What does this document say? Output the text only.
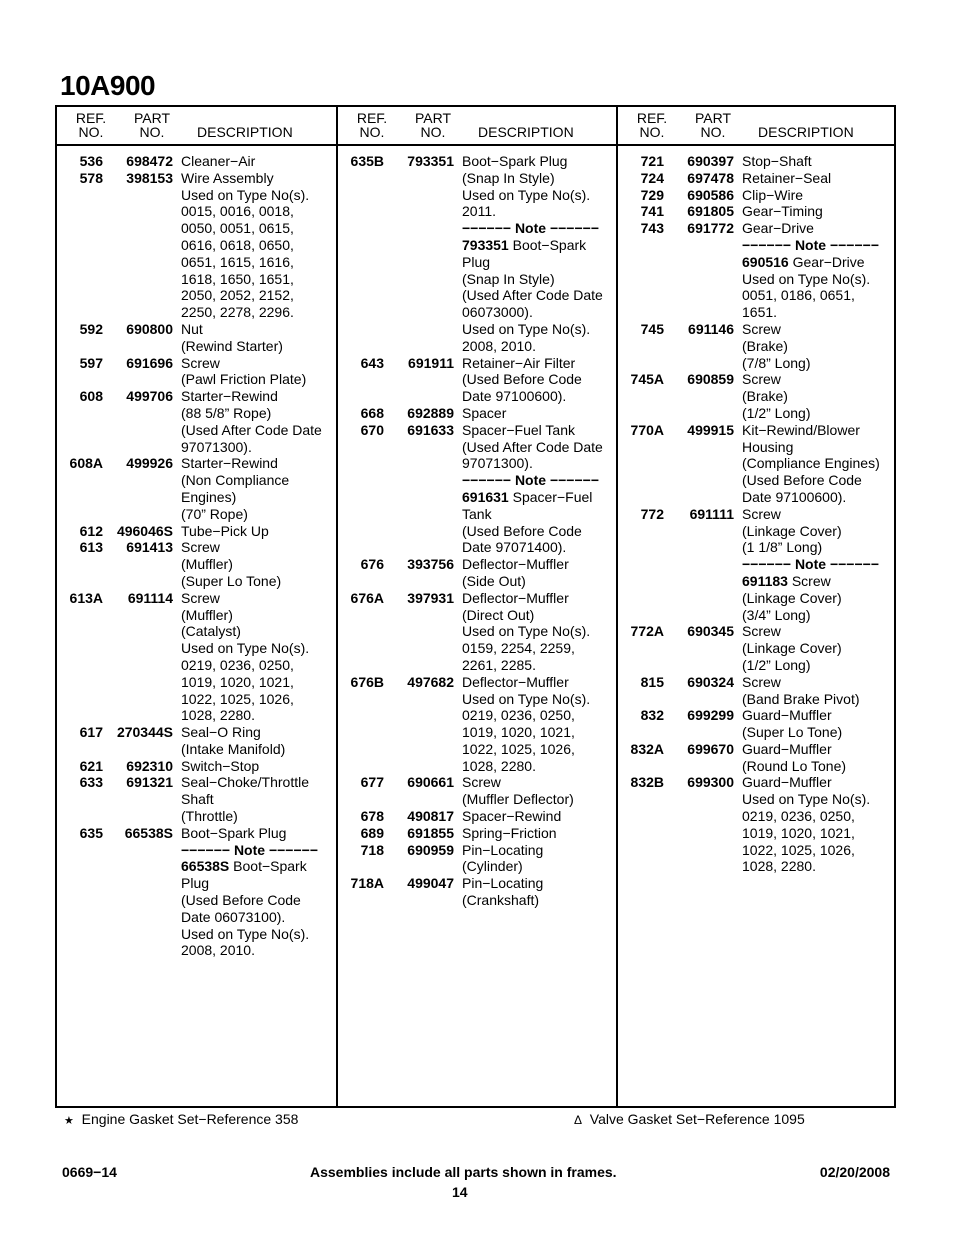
10A900
REF.
NO.
PART
NO.	DESCRIPTION
REF.
NO.
PART
NO.	DESCRIPTION
REF.
NO.
PART
NO.	DESCRIPTION
536	698472 Cleaner−Air
578	398153 Wire Assembly
Used on Type No(s).
0015, 0016, 0018,
0050, 0051, 0615,
0616, 0618, 0650,
0651, 1615, 1616,
1618, 1650, 1651,
2050, 2052, 2152,
2250, 2278, 2296.
592	690800 Nut
(Rewind Starter)
597	691696 Screw
(Pawl Friction Plate)
608	499706 Starter−Rewind
(88 5/8” Rope)
(Used After Code Date
97071300).
608A	499926 Starter−Rewind
(Non Compliance
Engines)
(70” Rope)
612 496046S Tube−Pick Up
613	691413 Screw
(Muffler)
(Super Lo Tone)
613A	691114 Screw
(Muffler)
(Catalyst)
Used on Type No(s).
0219, 0236, 0250,
1019, 1020, 1021,
1022, 1025, 1026,
1028, 2280.
617 270344S Seal−O Ring
(Intake Manifold)
621	692310 Switch−Stop
633	691321 Seal−Choke/Throttle
Shaft
(Throttle)
635	66538S Boot−Spark Plug
−−−−−− Note −−−−−−
66538S Boot−Spark
Plug
(Used Before Code
Date 06073100).
Used on Type No(s).
2008, 2010.
635B	793351 Boot−Spark Plug
(Snap In Style)
Used on Type No(s).
2011.
−−−−−− Note −−−−−−
793351 Boot−Spark
Plug
(Snap In Style)
(Used After Code Date
06073000).
Used on Type No(s).
2008, 2010.
643	691911 Retainer−Air Filter
(Used Before Code
Date 97100600).
668	692889 Spacer
670	691633 Spacer−Fuel Tank
(Used After Code Date
97071300).
−−−−−− Note −−−−−−
691631 Spacer−Fuel
Tank
(Used Before Code
Date 97071400).
676	393756 Deflector−Muffler
(Side Out)
676A	397931 Deflector−Muffler
(Direct Out)
Used on Type No(s).
0159, 2254, 2259,
2261, 2285.
676B	497682 Deflector−Muffler
Used on Type No(s).
0219, 0236, 0250,
1019, 1020, 1021,
1022, 1025, 1026,
1028, 2280.
677	690661 Screw
(Muffler Deflector)
678	490817 Spacer−Rewind
689	691855 Spring−Friction
718	690959 Pin−Locating
(Cylinder)
718A	499047 Pin−Locating
(Crankshaft)
721	690397 Stop−Shaft
724	697478 Retainer−Seal
729	690586 Clip−Wire
741	691805 Gear−Timing
743	691772 Gear−Drive
−−−−−− Note −−−−−−
690516 Gear−Drive
Used on Type No(s).
0051, 0186, 0651,
1651.
745	691146 Screw
(Brake)
(7/8” Long)
745A	690859 Screw
(Brake)
(1/2” Long)
770A	499915 Kit−Rewind/Blower
Housing
(Compliance Engines)
(Used Before Code
Date 97100600).
772	691111 Screw
(Linkage Cover)
(1 1/8” Long)
−−−−−− Note −−−−−−
691183 Screw
(Linkage Cover)
(3/4” Long)
772A	690345 Screw
(Linkage Cover)
(1/2” Long)
815	690324 Screw
(Band Brake Pivot)
832	699299 Guard−Muffler
(Super Lo Tone)
832A	699670 Guard−Muffler
(Round Lo Tone)
832B	699300 Guard−Muffler
Used on Type No(s).
0219, 0236, 0250,
1019, 1020, 1021,
1022, 1025, 1026,
1028, 2280.
★ Engine Gasket Set−Reference 358	Δ Valve Gasket Set−Reference 1095
0669−14	Assemblies include all parts shown in frames.	02/20/2008
14
